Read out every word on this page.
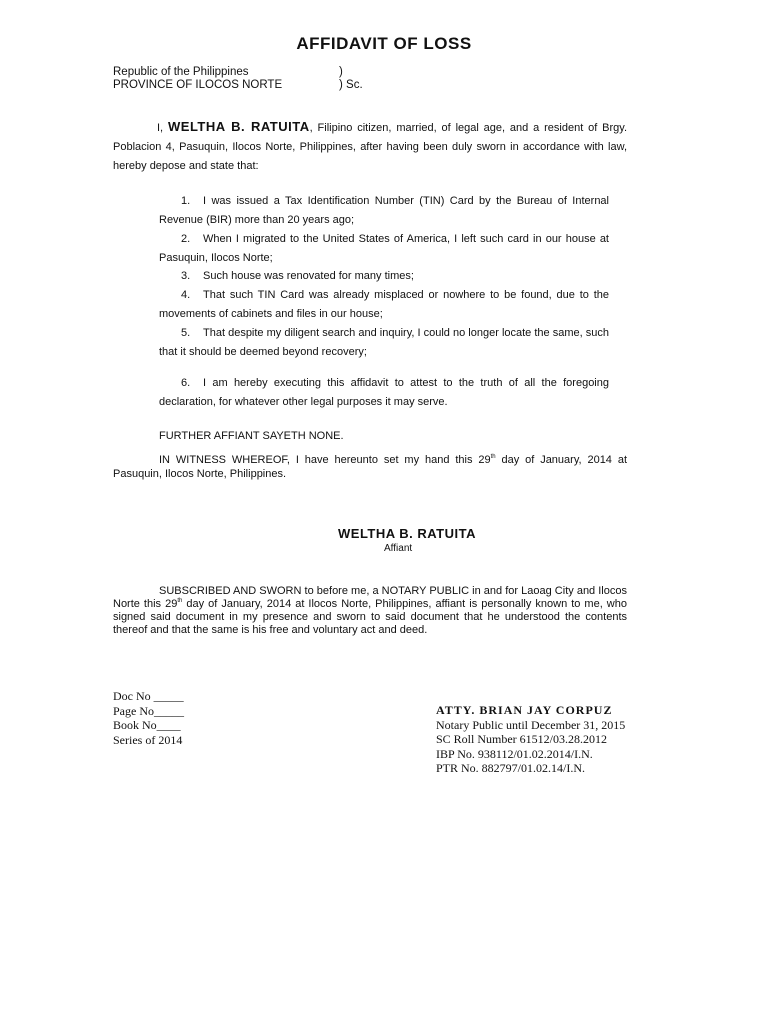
AFFIDAVIT OF LOSS
Republic of the Philippines	)
PROVINCE OF ILOCOS NORTE	) Sc.
I, WELTHA B. RATUITA, Filipino citizen, married, of legal age, and a resident of Brgy. Poblacion 4, Pasuquin, Ilocos Norte, Philippines, after having been duly sworn in accordance with law, hereby depose and state that:
1. I was issued a Tax Identification Number (TIN) Card by the Bureau of Internal Revenue (BIR) more than 20 years ago;
2. When I migrated to the United States of America, I left such card in our house at Pasuquin, Ilocos Norte;
3. Such house was renovated for many times;
4. That such TIN Card was already misplaced or nowhere to be found, due to the movements of cabinets and files in our house;
5. That despite my diligent search and inquiry, I could no longer locate the same, such that it should be deemed beyond recovery;
6. I am hereby executing this affidavit to attest to the truth of all the foregoing declaration, for whatever other legal purposes it may serve.
FURTHER AFFIANT SAYETH NONE.
IN WITNESS WHEREOF, I have hereunto set my hand this 29th day of January, 2014 at Pasuquin, Ilocos Norte, Philippines.
WELTHA B. RATUITA
Affiant
SUBSCRIBED AND SWORN to before me, a NOTARY PUBLIC in and for Laoag City and Ilocos Norte this 29th day of January, 2014 at Ilocos Norte, Philippines, affiant is personally known to me, who signed said document in my presence and sworn to said document that he understood the contents thereof and that the same is his free and voluntary act and deed.
Doc No _____
Page No_____
Book No____
Series of 2014
ATTY. BRIAN JAY CORPUZ
Notary Public until December 31, 2015
SC Roll Number 61512/03.28.2012
IBP No. 938112/01.02.2014/I.N.
PTR No. 882797/01.02.14/I.N.
